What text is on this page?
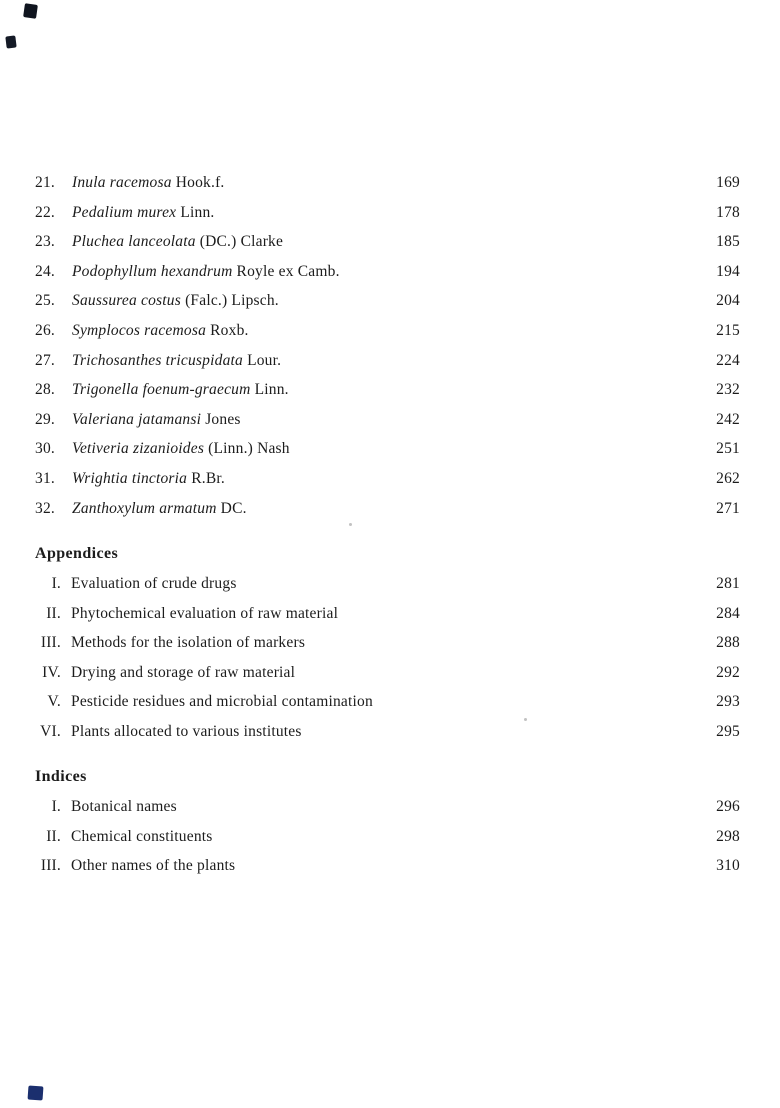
21.	Inula racemosa Hook.f.	169
22.	Pedalium murex Linn.	178
23.	Pluchea lanceolata (DC.) Clarke	185
24.	Podophyllum hexandrum Royle ex Camb.	194
25.	Saussurea costus (Falc.) Lipsch.	204
26.	Symplocos racemosa Roxb.	215
27.	Trichosanthes tricuspidata Lour.	224
28.	Trigonella foenum-graecum Linn.	232
29.	Valeriana jatamansi Jones	242
30.	Vetiveria zizanioides (Linn.) Nash	251
31.	Wrightia tinctoria R.Br.	262
32.	Zanthoxylum armatum DC.	271
Appendices
I. Evaluation of crude drugs	281
II. Phytochemical evaluation of raw material	284
III. Methods for the isolation of markers	288
IV. Drying and storage of raw material	292
V. Pesticide residues and microbial contamination	293
VI. Plants allocated to various institutes	295
Indices
I. Botanical names	296
II. Chemical constituents	298
III. Other names of the plants	310
